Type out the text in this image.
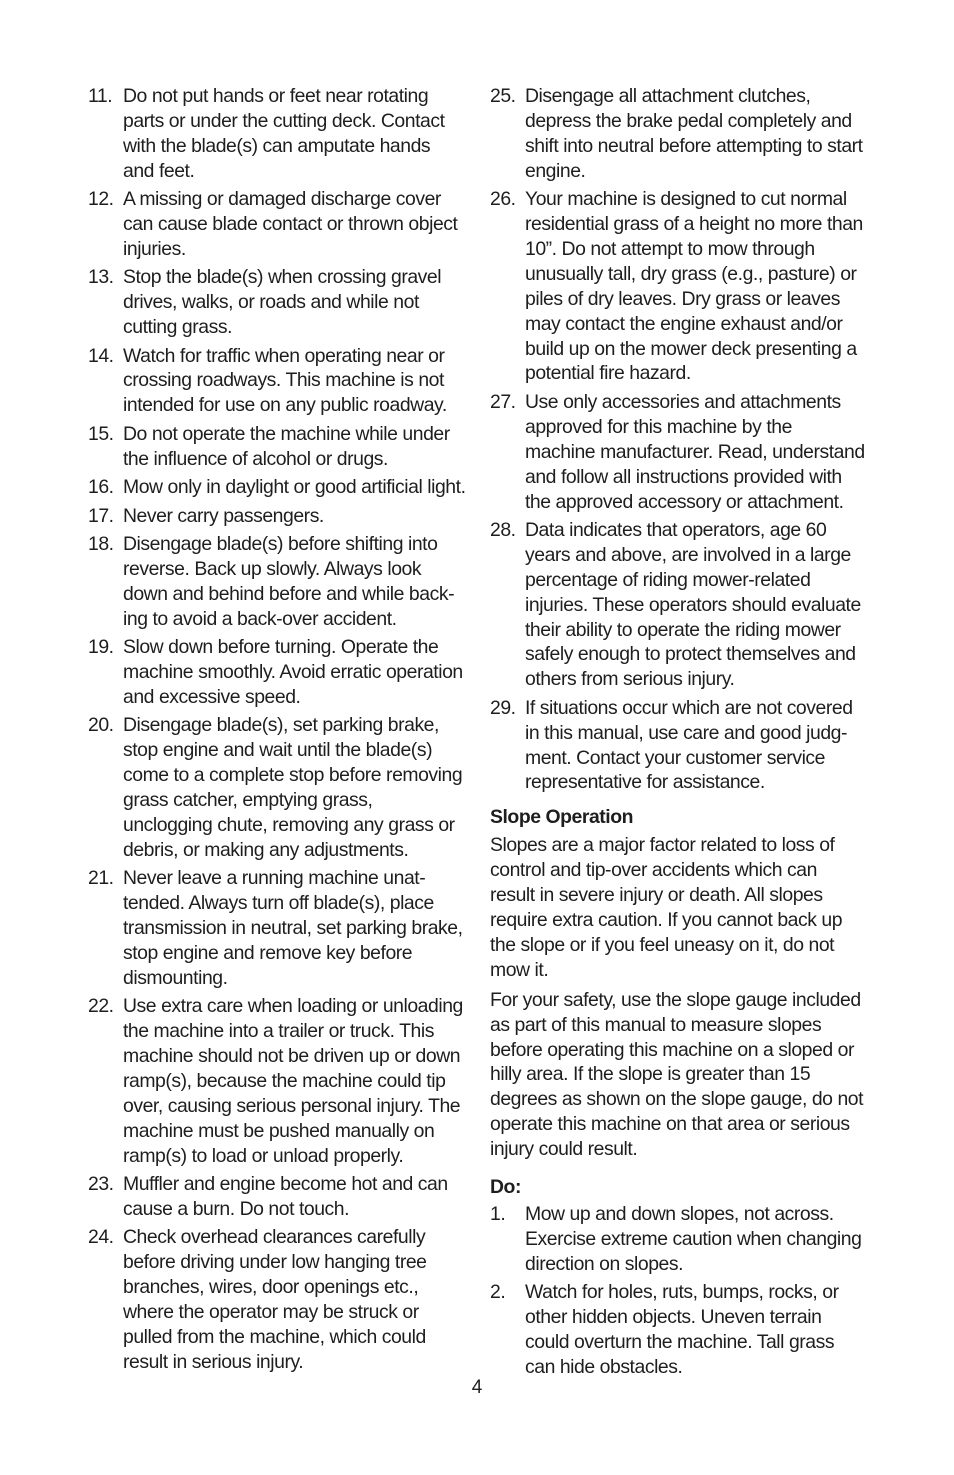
11. Do not put hands or feet near rotating parts or under the cutting deck. Contact with the blade(s) can amputate hands and feet.
12. A missing or damaged discharge cover can cause blade contact or thrown object injuries.
13. Stop the blade(s) when crossing gravel drives, walks, or roads and while not cutting grass.
14. Watch for traffic when operating near or crossing roadways. This machine is not intended for use on any public roadway.
15. Do not operate the machine while under the influence of alcohol or drugs.
16. Mow only in daylight or good artificial light.
17. Never carry passengers.
18. Disengage blade(s) before shifting into reverse. Back up slowly. Always look down and behind before and while back-ing to avoid a back-over accident.
19. Slow down before turning. Operate the machine smoothly. Avoid erratic operation and excessive speed.
20. Disengage blade(s), set parking brake, stop engine and wait until the blade(s) come to a complete stop before removing grass catcher, emptying grass, unclogging chute, removing any grass or debris, or making any adjustments.
21. Never leave a running machine unat-tended. Always turn off blade(s), place transmission in neutral, set parking brake, stop engine and remove key before dismounting.
22. Use extra care when loading or unloading the machine into a trailer or truck. This machine should not be driven up or down ramp(s), because the machine could tip over, causing serious personal injury. The machine must be pushed manually on ramp(s) to load or unload properly.
23. Muffler and engine become hot and can cause a burn. Do not touch.
24. Check overhead clearances carefully before driving under low hanging tree branches, wires, door openings etc., where the operator may be struck or pulled from the machine, which could result in serious injury.
25. Disengage all attachment clutches, depress the brake pedal completely and shift into neutral before attempting to start engine.
26. Your machine is designed to cut normal residential grass of a height no more than 10”. Do not attempt to mow through unusually tall, dry grass (e.g., pasture) or piles of dry leaves. Dry grass or leaves may contact the engine exhaust and/or build up on the mower deck presenting a potential fire hazard.
27. Use only accessories and attachments approved for this machine by the machine manufacturer. Read, understand and follow all instructions provided with the approved accessory or attachment.
28. Data indicates that operators, age 60 years and above, are involved in a large percentage of riding mower-related injuries. These operators should evaluate their ability to operate the riding mower safely enough to protect themselves and others from serious injury.
29. If situations occur which are not covered in this manual, use care and good judg-ment. Contact your customer service representative for assistance.
Slope Operation

Slopes are a major factor related to loss of control and tip-over accidents which can result in severe injury or death. All slopes require extra caution. If you cannot back up the slope or if you feel uneasy on it, do not mow it.

For your safety, use the slope gauge included as part of this manual to measure slopes before operating this machine on a sloped or hilly area. If the slope is greater than 15 degrees as shown on the slope gauge, do not operate this machine on that area or serious injury could result.

Do:
1. Mow up and down slopes, not across. Exercise extreme caution when changing direction on slopes.
2. Watch for holes, ruts, bumps, rocks, or other hidden objects. Uneven terrain could overturn the machine. Tall grass can hide obstacles.
4
